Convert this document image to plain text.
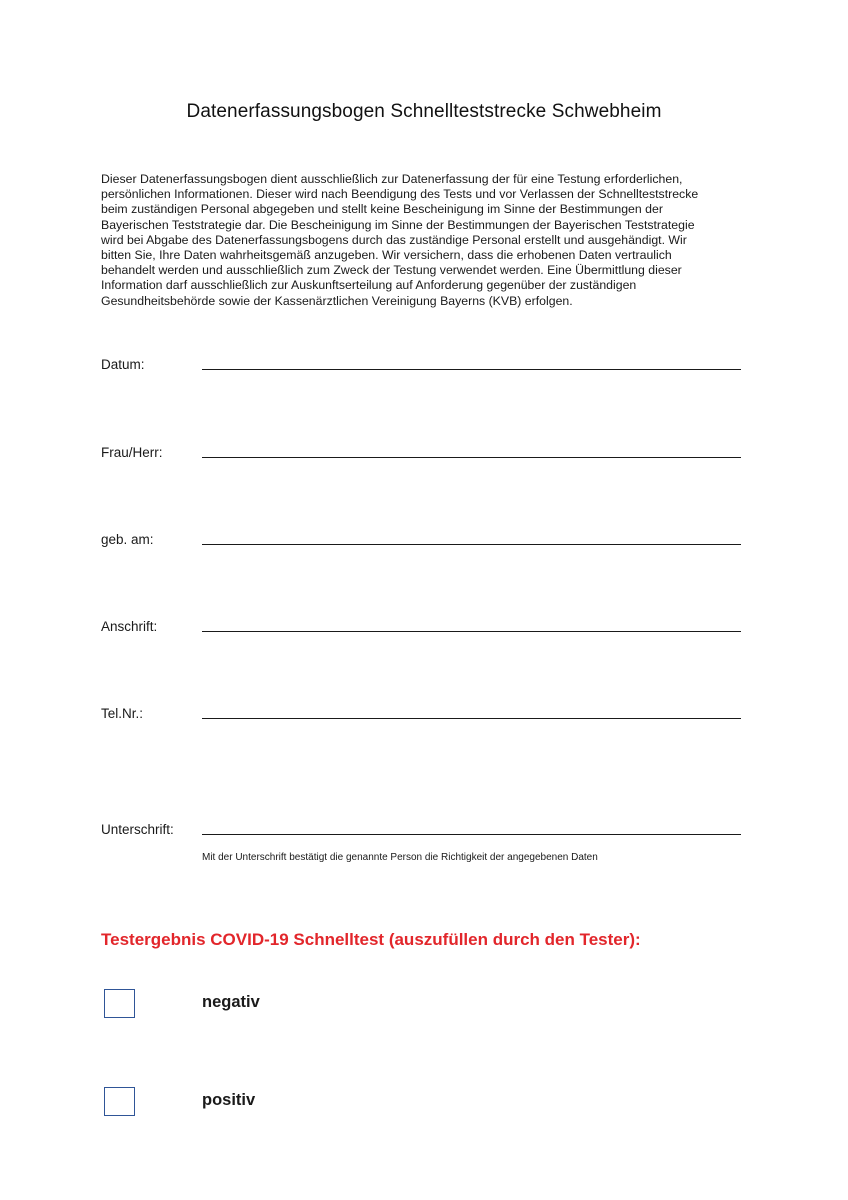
Datenerfassungsbogen Schnellteststrecke Schwebheim
Dieser Datenerfassungsbogen dient ausschließlich zur Datenerfassung der für eine Testung erforderlichen,
persönlichen Informationen. Dieser wird nach Beendigung des Tests und vor Verlassen der Schnellteststrecke
beim zuständigen Personal abgegeben und stellt keine Bescheinigung im Sinne der Bestimmungen der
Bayerischen Teststrategie dar. Die Bescheinigung im Sinne der Bestimmungen der Bayerischen Teststrategie
wird bei Abgabe des Datenerfassungsbogens durch das zuständige Personal erstellt und ausgehändigt. Wir
bitten Sie, Ihre Daten wahrheitsgemäß anzugeben. Wir versichern, dass die erhobenen Daten vertraulich
behandelt werden und ausschließlich zum Zweck der Testung verwendet werden. Eine Übermittlung dieser
Information darf ausschließlich zur Auskunftserteilung auf Anforderung gegenüber der zuständigen
Gesundheitsbehörde sowie der Kassenärztlichen Vereinigung Bayerns (KVB) erfolgen.
Datum:
Frau/Herr:
geb. am:
Anschrift:
Tel.Nr.:
Unterschrift:
Mit der Unterschrift bestätigt die genannte Person die Richtigkeit der angegebenen Daten
Testergebnis COVID-19 Schnelltest (auszufüllen durch den Tester):
negativ
positiv
